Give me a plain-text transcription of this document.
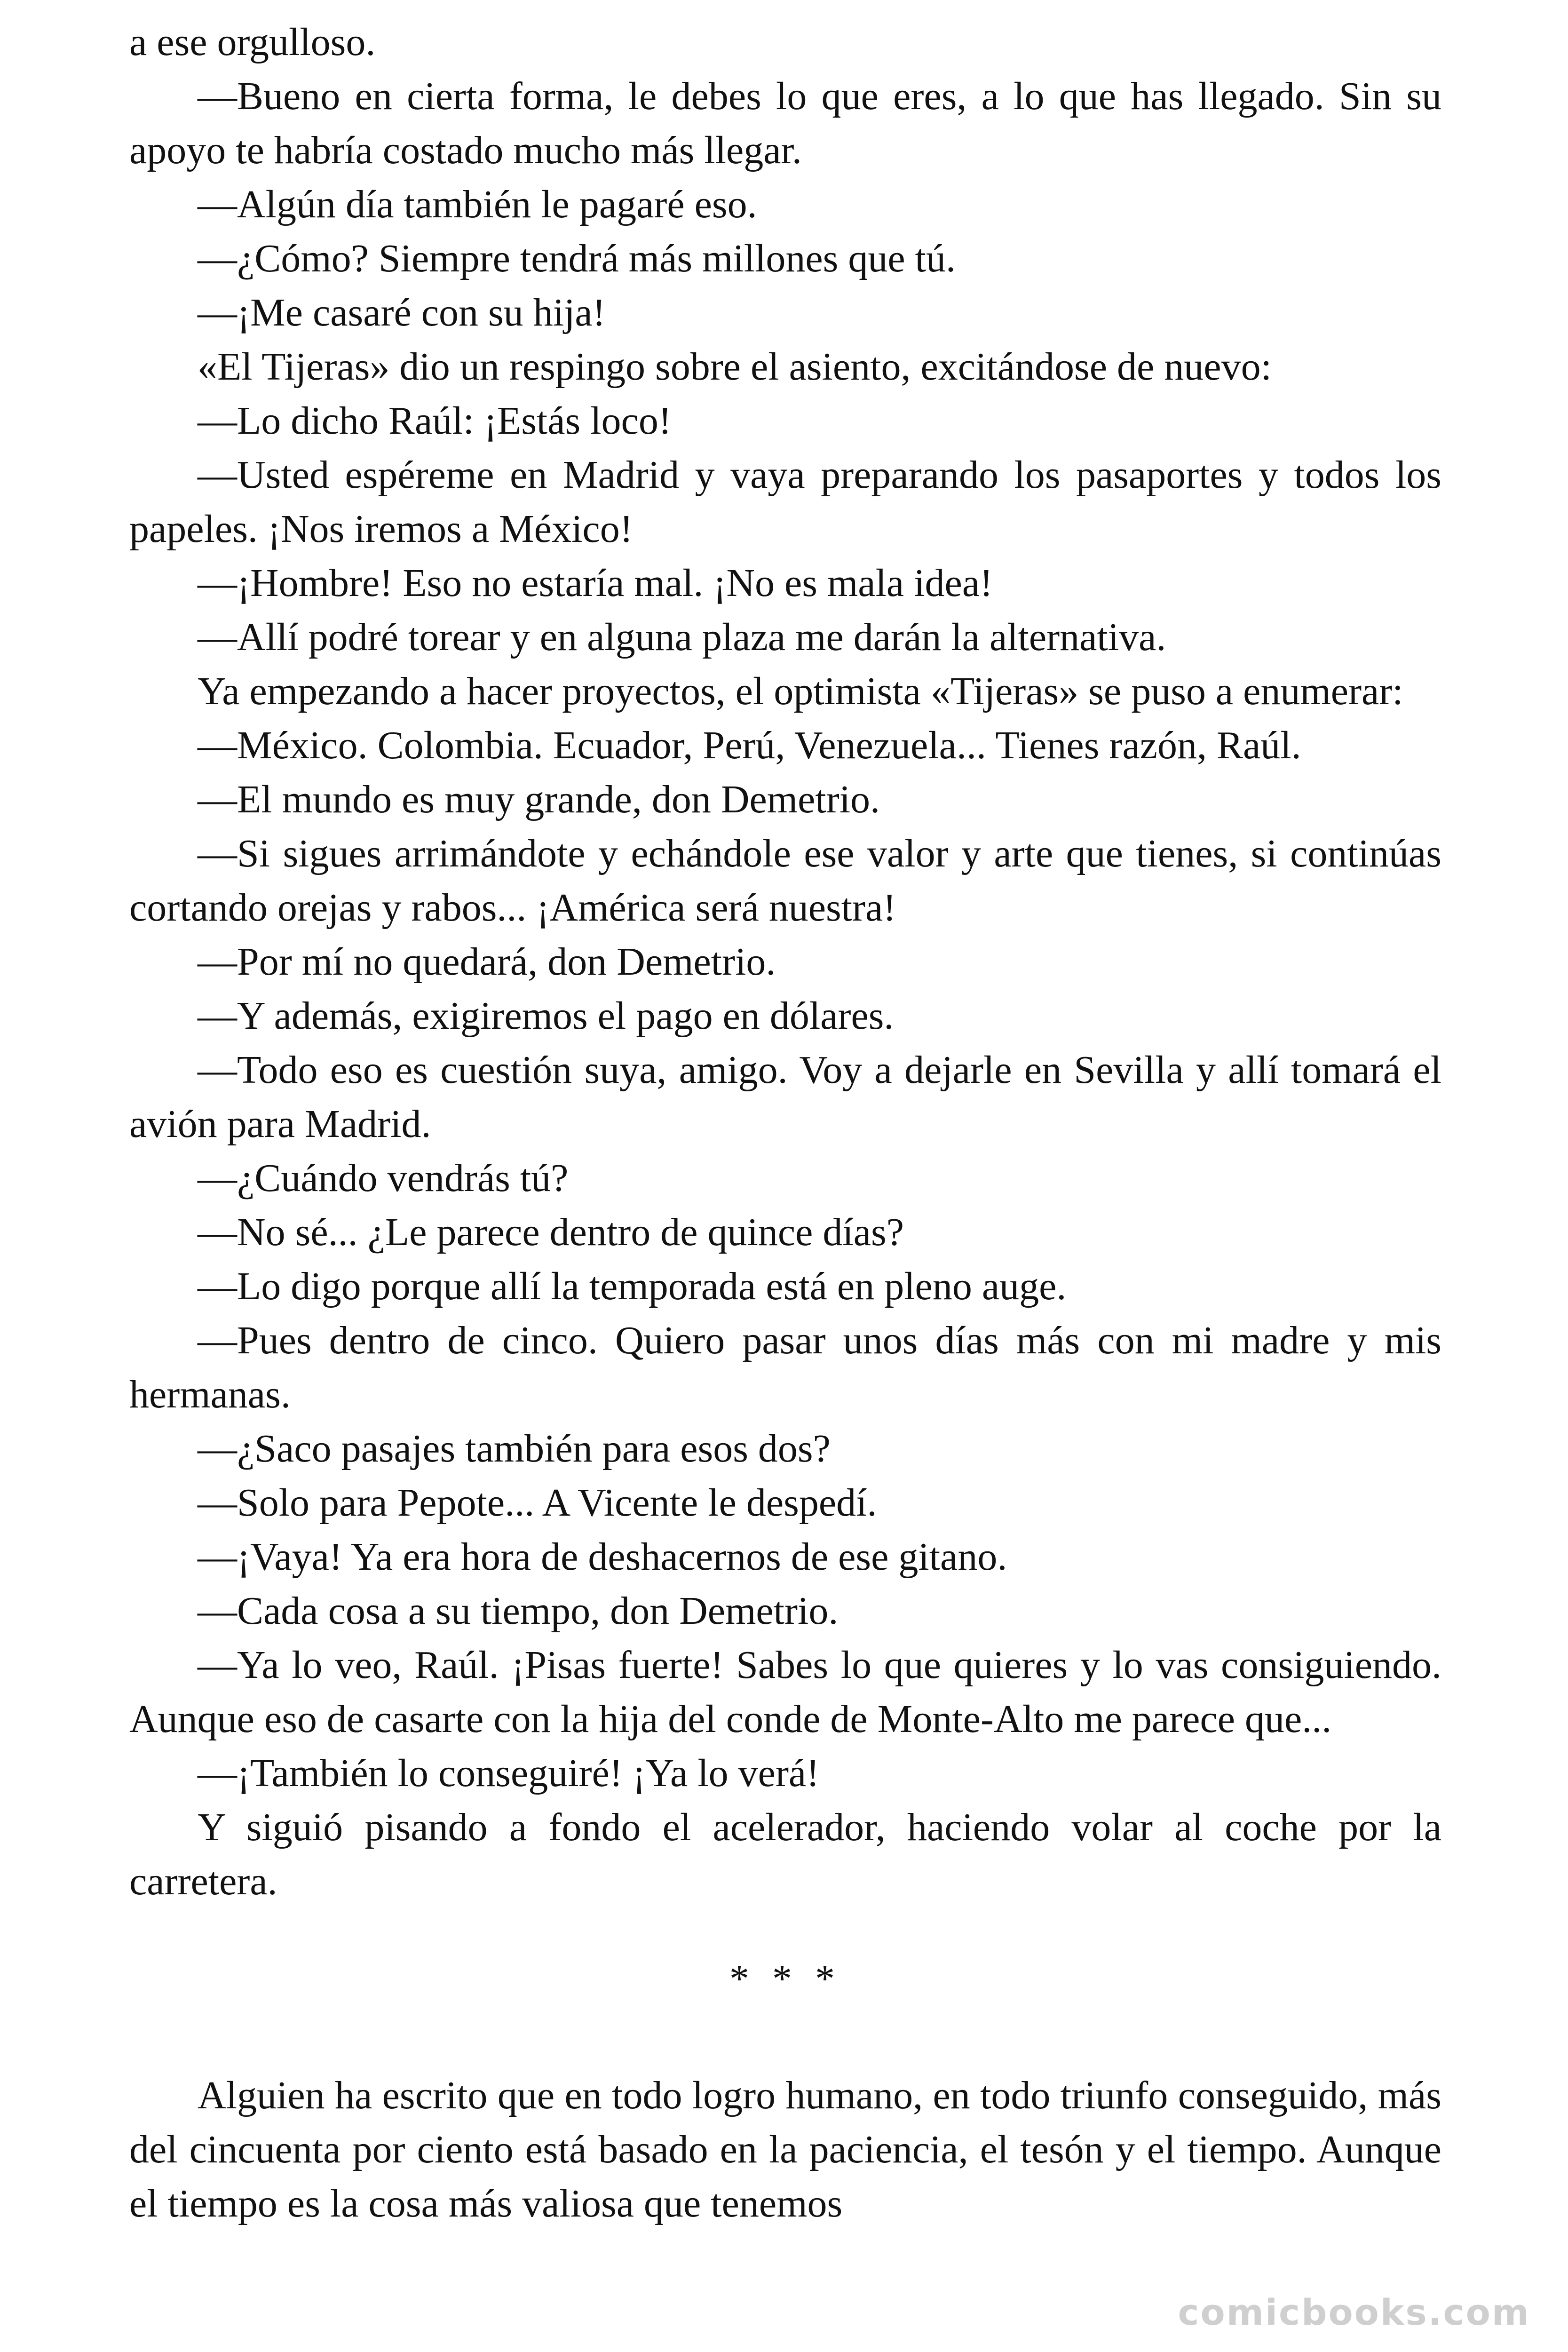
a ese orgulloso.

—Bueno en cierta forma, le debes lo que eres, a lo que has llegado. Sin su apoyo te habría costado mucho más llegar.

—Algún día también le pagaré eso.

—¿Cómo? Siempre tendrá más millones que tú.

—¡Me casaré con su hija!

«El Tijeras» dio un respingo sobre el asiento, excitándose de nuevo:

—Lo dicho Raúl: ¡Estás loco!

—Usted espéreme en Madrid y vaya preparando los pasaportes y todos los papeles. ¡Nos iremos a México!

—¡Hombre! Eso no estaría mal. ¡No es mala idea!

—Allí podré torear y en alguna plaza me darán la alternativa.

Ya empezando a hacer proyectos, el optimista «Tijeras» se puso a enumerar:

—México. Colombia. Ecuador, Perú, Venezuela... Tienes razón, Raúl.

—El mundo es muy grande, don Demetrio.

—Si sigues arrimándote y echándole ese valor y arte que tienes, si continúas cortando orejas y rabos... ¡América será nuestra!

—Por mí no quedará, don Demetrio.

—Y además, exigiremos el pago en dólares.

—Todo eso es cuestión suya, amigo. Voy a dejarle en Sevilla y allí tomará el avión para Madrid.

—¿Cuándo vendrás tú?

—No sé... ¿Le parece dentro de quince días?

—Lo digo porque allí la temporada está en pleno auge.

—Pues dentro de cinco. Quiero pasar unos días más con mi madre y mis hermanas.

—¿Saco pasajes también para esos dos?

—Solo para Pepote... A Vicente le despedí.

—¡Vaya! Ya era hora de deshacernos de ese gitano.

—Cada cosa a su tiempo, don Demetrio.

—Ya lo veo, Raúl. ¡Pisas fuerte! Sabes lo que quieres y lo vas consiguiendo. Aunque eso de casarte con la hija del conde de Monte-Alto me parece que...

—¡También lo conseguiré! ¡Ya lo verá!

Y siguió pisando a fondo el acelerador, haciendo volar al coche por la carretera.

* * *

Alguien ha escrito que en todo logro humano, en todo triunfo conseguido, más del cincuenta por ciento está basado en la paciencia, el tesón y el tiempo. Aunque el tiempo es la cosa más valiosa que tenemos

comicbooks.com
